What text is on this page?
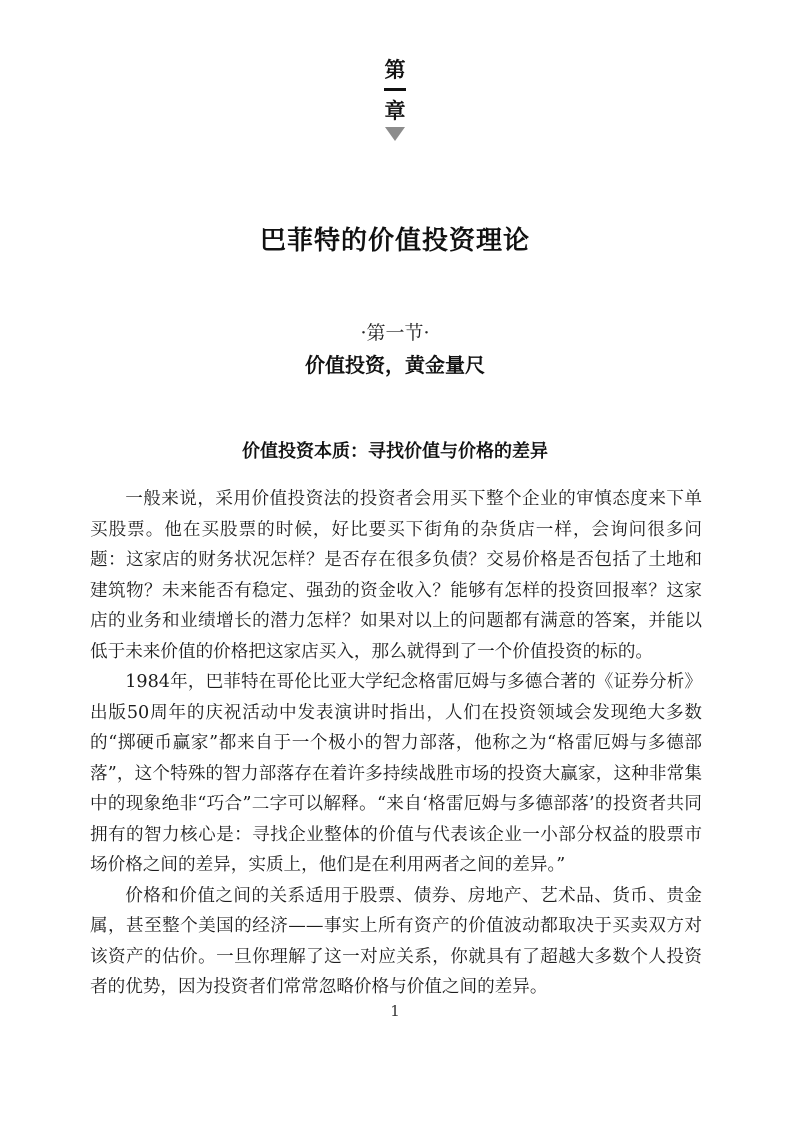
第
章
巴菲特的价值投资理论
·第一节·
价值投资，黄金量尺
价值投资本质：寻找价值与价格的差异

一般来说，采用价值投资法的投资者会用买下整个企业的审慎态度来下单买股票。他在买股票的时候，好比要买下街角的杂货店一样，会询问很多问题：这家店的财务状况怎样？是否存在很多负债？交易价格是否包括了土地和建筑物？未来能否有稳定、强劲的资金收入？能够有怎样的投资回报率？这家店的业务和业绩增长的潜力怎样？如果对以上的问题都有满意的答案，并能以低于未来价值的价格把这家店买入，那么就得到了一个价值投资的标的。

1984年，巴菲特在哥伦比亚大学纪念格雷厄姆与多德合著的《证券分析》出版50周年的庆祝活动中发表演讲时指出，人们在投资领域会发现绝大多数的“掷硬币赢家”都来自于一个极小的智力部落，他称之为“格雷厄姆与多德部落”，这个特殊的智力部落存在着许多持续战胜市场的投资大赢家，这种非常集中的现象绝非“巧合”二字可以解释。“来自‘格雷厄姆与多德部落’的投资者共同拥有的智力核心是：寻找企业整体的价值与代表该企业一小部分权益的股票市场价格之间的差异，实质上，他们是在利用两者之间的差异。”

价格和价值之间的关系适用于股票、债券、房地产、艺术品、货币、贵金属，甚至整个美国的经济——事实上所有资产的价值波动都取决于买卖双方对该资产的估价。一旦你理解了这一对应关系，你就具有了超越大多数个人投资者的优势，因为投资者们常常忽略价格与价值之间的差异。

1
